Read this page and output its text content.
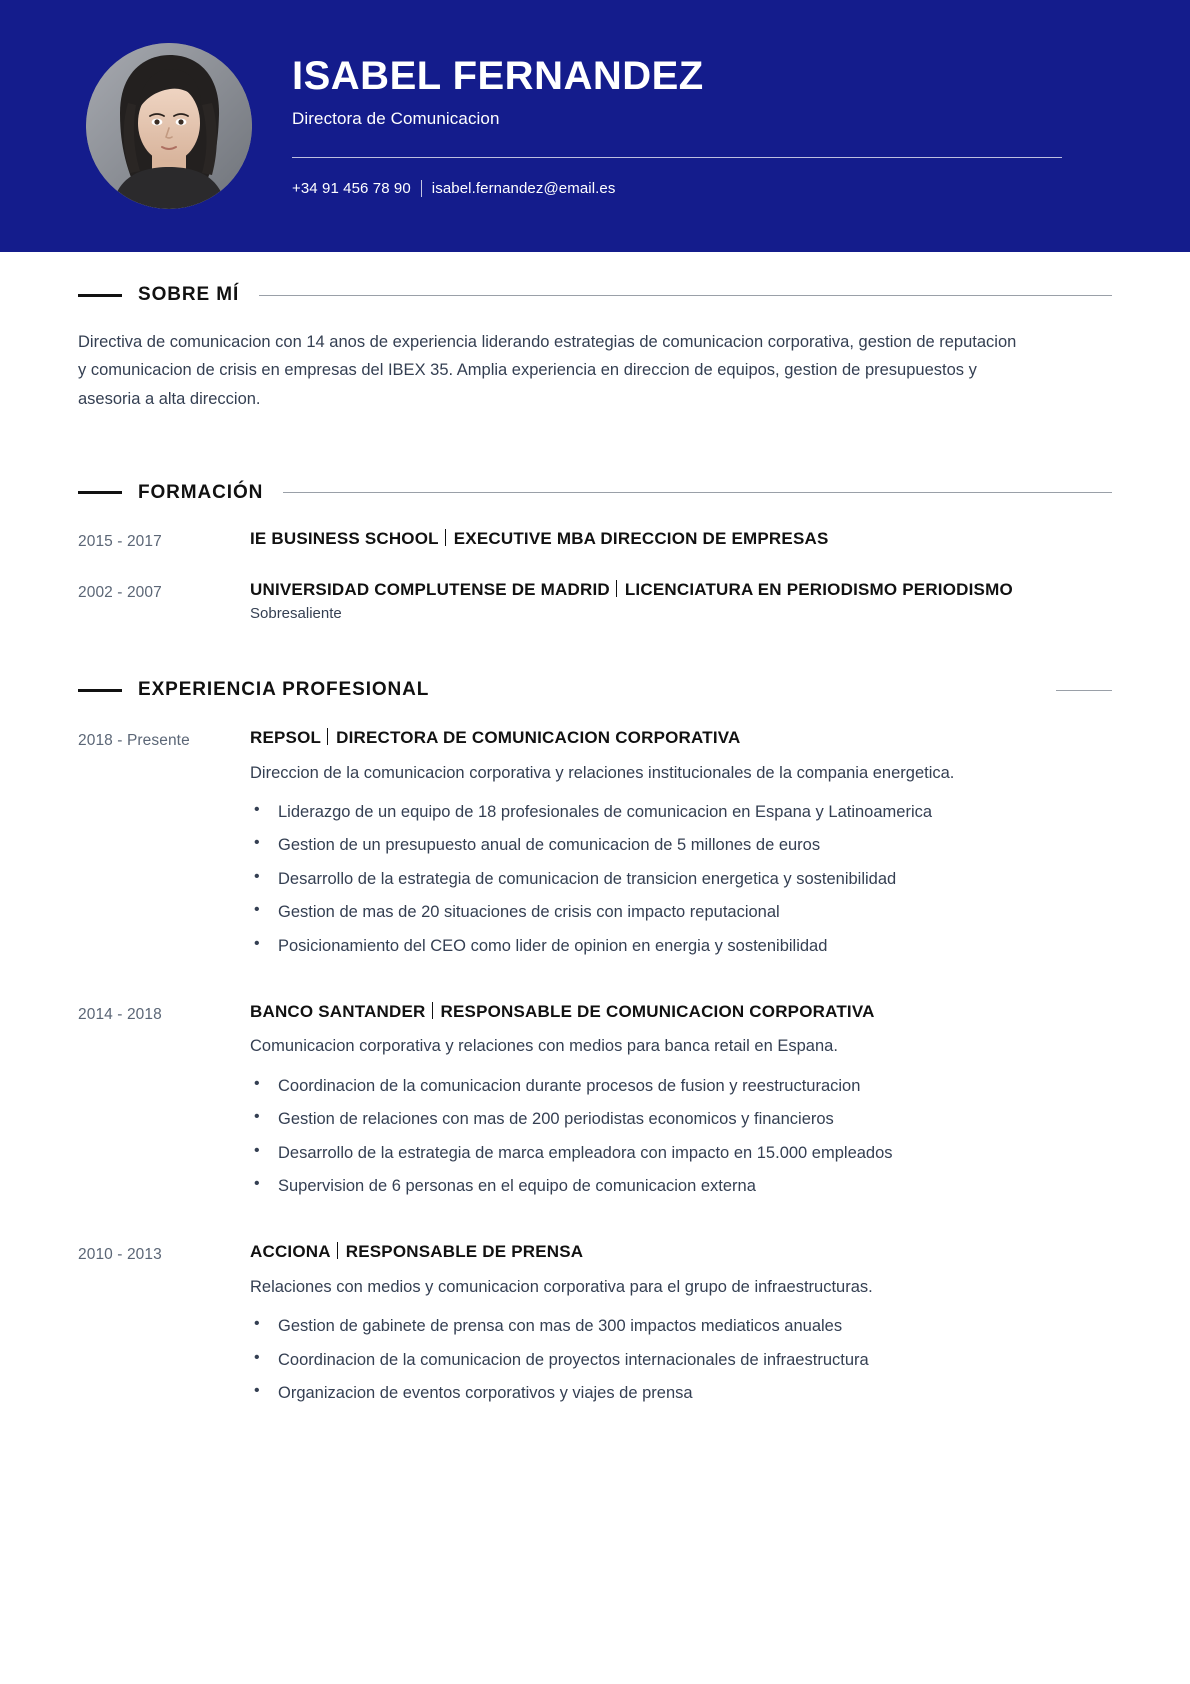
ISABEL FERNANDEZ
Directora de Comunicacion
+34 91 456 78 90 isabel.fernandez@email.es
SOBRE MÍ

Directiva de comunicacion con 14 anos de experiencia liderando estrategias de comunicacion corporativa, gestion de reputacion y comunicacion de crisis en empresas del IBEX 35. Amplia experiencia en direccion de equipos, gestion de presupuestos y asesoria a alta direccion.

FORMACIÓN
2015 - 2017	IE BUSINESS SCHOOL EXECUTIVE MBA DIRECCION DE EMPRESAS
2002 - 2007	UNIVERSIDAD COMPLUTENSE DE MADRID LICENCIATURA EN PERIODISMO PERIODISMO
Sobresaliente
EXPERIENCIA PROFESIONAL
2018 - Presente	REPSOL DIRECTORA DE COMUNICACION CORPORATIVA
Direccion de la comunicacion corporativa y relaciones institucionales de la compania energetica.
• Liderazgo de un equipo de 18 profesionales de comunicacion en Espana y Latinoamerica
• Gestion de un presupuesto anual de comunicacion de 5 millones de euros
• Desarrollo de la estrategia de comunicacion de transicion energetica y sostenibilidad
• Gestion de mas de 20 situaciones de crisis con impacto reputacional
• Posicionamiento del CEO como lider de opinion en energia y sostenibilidad
2014 - 2018	BANCO SANTANDER RESPONSABLE DE COMUNICACION CORPORATIVA
Comunicacion corporativa y relaciones con medios para banca retail en Espana.
• Coordinacion de la comunicacion durante procesos de fusion y reestructuracion
• Gestion de relaciones con mas de 200 periodistas economicos y financieros
• Desarrollo de la estrategia de marca empleadora con impacto en 15.000 empleados
• Supervision de 6 personas en el equipo de comunicacion externa
2010 - 2013	ACCIONA RESPONSABLE DE PRENSA
Relaciones con medios y comunicacion corporativa para el grupo de infraestructuras.
• Gestion de gabinete de prensa con mas de 300 impactos mediaticos anuales
• Coordinacion de la comunicacion de proyectos internacionales de infraestructura
• Organizacion de eventos corporativos y viajes de prensa
